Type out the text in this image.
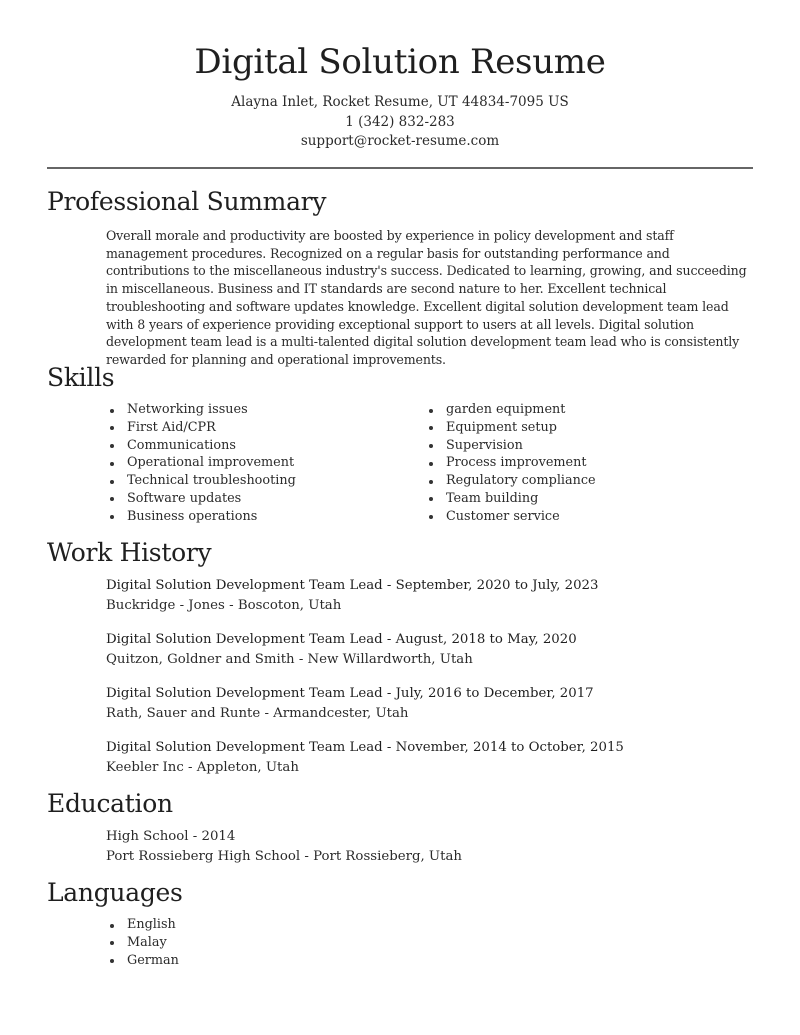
Digital Solution Resume
Alayna Inlet, Rocket Resume, UT 44834-7095 US
1 (342) 832-283
support@rocket-resume.com
Professional Summary

Overall morale and productivity are boosted by experience in policy development and staff management procedures. Recognized on a regular basis for outstanding performance and contributions to the miscellaneous industry's success. Dedicated to learning, growing, and succeeding in miscellaneous. Business and IT standards are second nature to her. Excellent technical troubleshooting and software updates knowledge. Excellent digital solution development team lead with 8 years of experience providing exceptional support to users at all levels. Digital solution development team lead is a multi-talented digital solution development team lead who is consistently rewarded for planning and operational improvements.

Skills
Networking issues
First Aid/CPR
Communications
Operational improvement
Technical troubleshooting
Software updates
Business operations
garden equipment
Equipment setup
Supervision
Process improvement
Regulatory compliance
Team building
Customer service
Work History
Digital Solution Development Team Lead - September, 2020 to July, 2023
Buckridge - Jones - Boscoton, Utah
Digital Solution Development Team Lead - August, 2018 to May, 2020
Quitzon, Goldner and Smith - New Willardworth, Utah
Digital Solution Development Team Lead - July, 2016 to December, 2017
Rath, Sauer and Runte - Armandcester, Utah
Digital Solution Development Team Lead - November, 2014 to October, 2015
Keebler Inc - Appleton, Utah
Education
High School - 2014
Port Rossieberg High School - Port Rossieberg, Utah
Languages
English
Malay
German
